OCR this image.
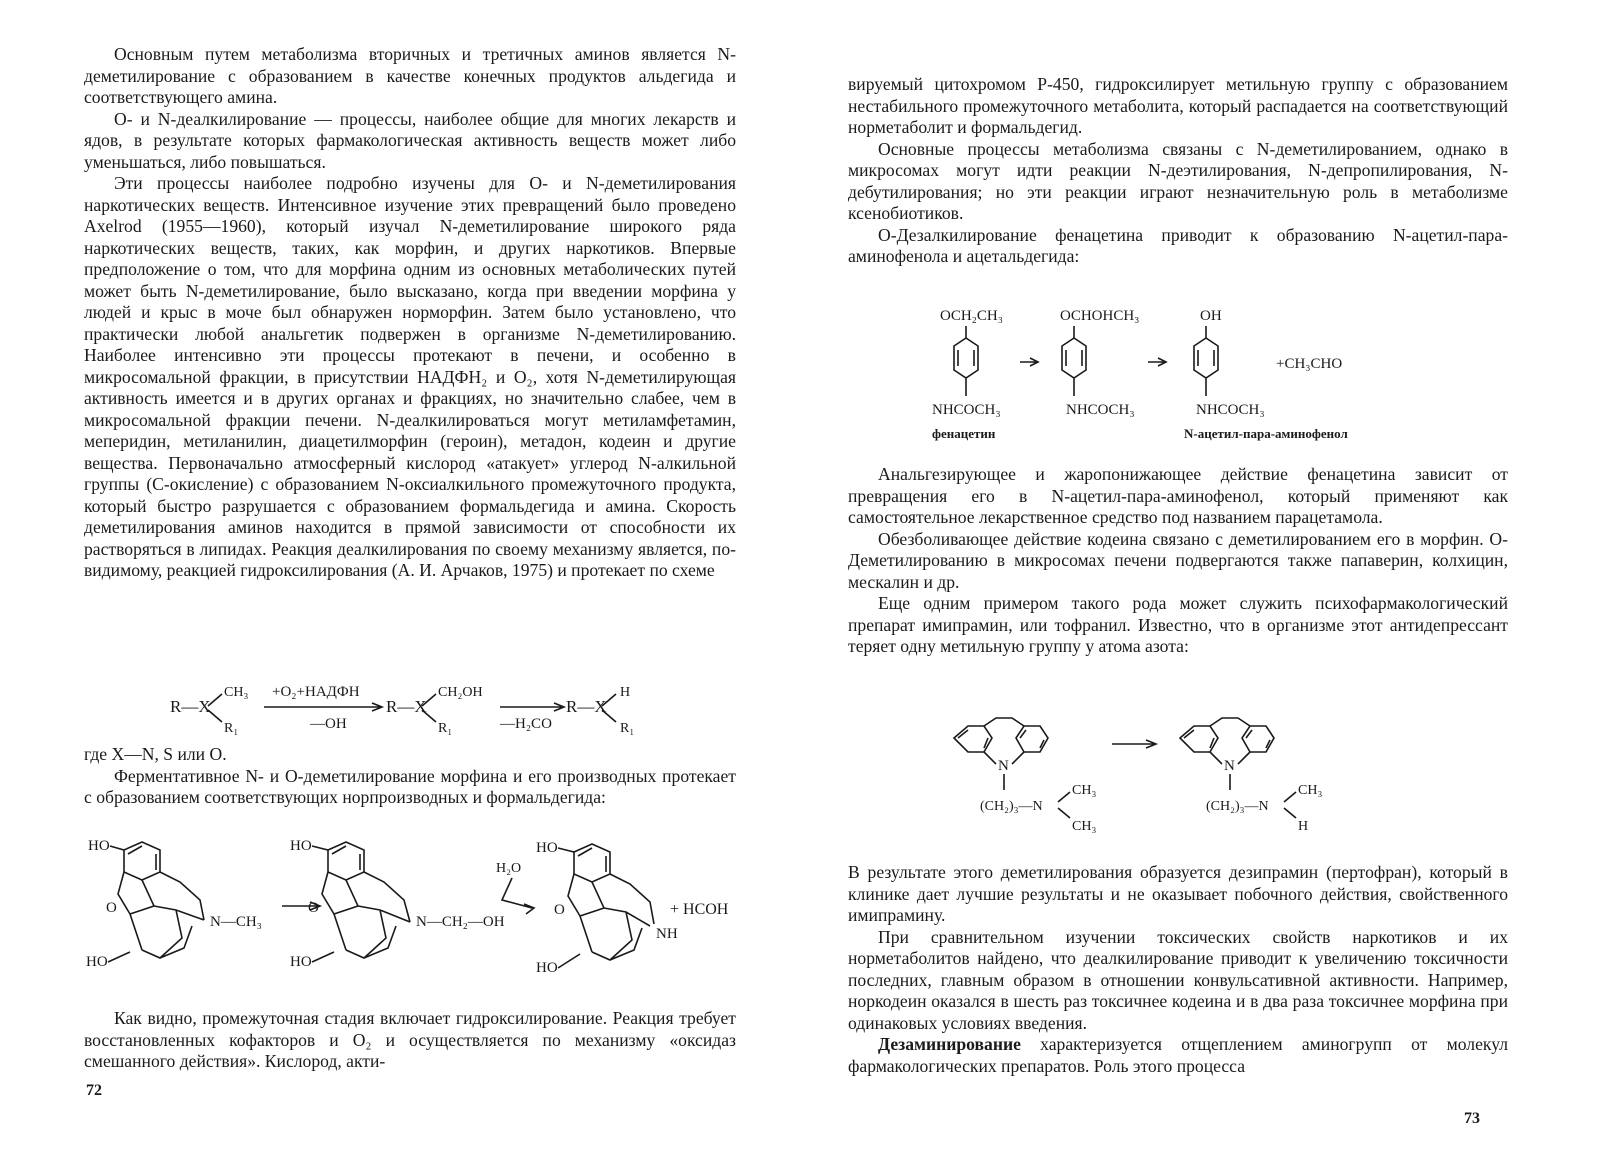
Основным путем метаболизма вторичных и третичных аминов является N-деметилирование с образованием в качестве конечных продуктов альдегида и соответствующего амина.

О- и N-деалкилирование — процессы, наиболее общие для многих лекарств и ядов, в результате которых фармакологическая активность веществ может либо уменьшаться, либо повышаться.

Эти процессы наиболее подробно изучены для О- и N-деметилирования наркотических веществ. Интенсивное изучение этих превращений было проведено Axelrod (1955—1960), который изучал N-деметилирование широкого ряда наркотических веществ, таких, как морфин, и других наркотиков. Впервые предположение о том, что для морфина одним из основных метаболических путей может быть N-деметилирование, было высказано, когда при введении морфина у людей и крыс в моче был обнаружен норморфин. Затем было установлено, что практически любой анальгетик подвержен в организме N-деметилированию. Наиболее интенсивно эти процессы протекают в печени, и особенно в микросомальной фракции, в присутствии НАДФН₂ и O₂, хотя N-деметилирующая активность имеется и в других органах и фракциях, но значительно слабее, чем в микросомальной фракции печени. N-деалкилироваться могут метиламфетамин, меперидин, метиланилин, диацетилморфин (героин), метадон, кодеин и другие вещества. Первоначально атмосферный кислород «атакует» углерод N-алкильной группы (С-окисление) с образованием N-оксиалкильного промежуточного продукта, который быстро разрушается с образованием формальдегида и амина. Скорость деметилирования аминов находится в прямой зависимости от способности их растворяться в липидах. Реакция деалкилирования по своему механизму является, по-видимому, реакцией гидроксилирования (А. И. Арчаков, 1975) и протекает по схеме

R—X
CH₃
R₁
+O₂+НАДФН
—OH
R—X
CH₂OH
R₁	—H₂CO
R—X
H
R₁

где X—N, S или О.

Ферментативное N- и О-деметилирование морфина и его производных протекает с образованием соответствующих норпроизводных и формальдегида:

HO
O
N—CH₃
HO
HO
O
N—CH₂—OH
HO
H₂O
HO
O
NH
HO
+ HCOH

Как видно, промежуточная стадия включает гидроксилирование. Реакция требует восстановленных кофакторов и O₂ и осуществляется по механизму «оксидаз смешанного действия». Кислород, акти-

72

вируемый цитохромом Р-450, гидроксилирует метильную группу с образованием нестабильного промежуточного метаболита, который распадается на соответствующий норметаболит и формальдегид.

Основные процессы метаболизма связаны с N-деметилированием, однако в микросомах могут идти реакции N-деэтилирования, N-депропилирования, N-дебутилирования; но эти реакции играют незначительную роль в метаболизме ксенобиотиков.

О-Дезалкилирование фенацетина приводит к образованию N-ацетил-пара-аминофенола и ацетальдегида:

OCH₂CH₃
NHCOCH₃
фенацетин
OCHOHCH₃
NHCOCH₃
OH
NHCOCH₃
N-ацетил-пара-аминофенол
+CH₃CHO

Анальгезирующее и жаропонижающее действие фенацетина зависит от превращения его в N-ацетил-пара-аминофенол, который применяют как самостоятельное лекарственное средство под названием парацетамола.

Обезболивающее действие кодеина связано с деметилированием его в морфин. О-Деметилированию в микросомах печени подвергаются также папаверин, колхицин, мескалин и др.

Еще одним примером такого рода может служить психофармакологический препарат имипрамин, или тофранил. Известно, что в организме этот антидепрессант теряет одну метильную группу у атома азота:

N
(CH₂)₃—N
CH₃
CH₃
N
(CH₂)₃—N
CH₃
H

В результате этого деметилирования образуется дезипрамин (пертофран), который в клинике дает лучшие результаты и не оказывает побочного действия, свойственного имипрамину.

При сравнительном изучении токсических свойств наркотиков и их норметаболитов найдено, что деалкилирование приводит к увеличению токсичности последних, главным образом в отношении конвульсативной активности. Например, норкодеин оказался в шесть раз токсичнее кодеина и в два раза токсичнее морфина при одинаковых условиях введения.

Дезаминирование характеризуется отщеплением аминогрупп от молекул фармакологических препаратов. Роль этого процесса

73
